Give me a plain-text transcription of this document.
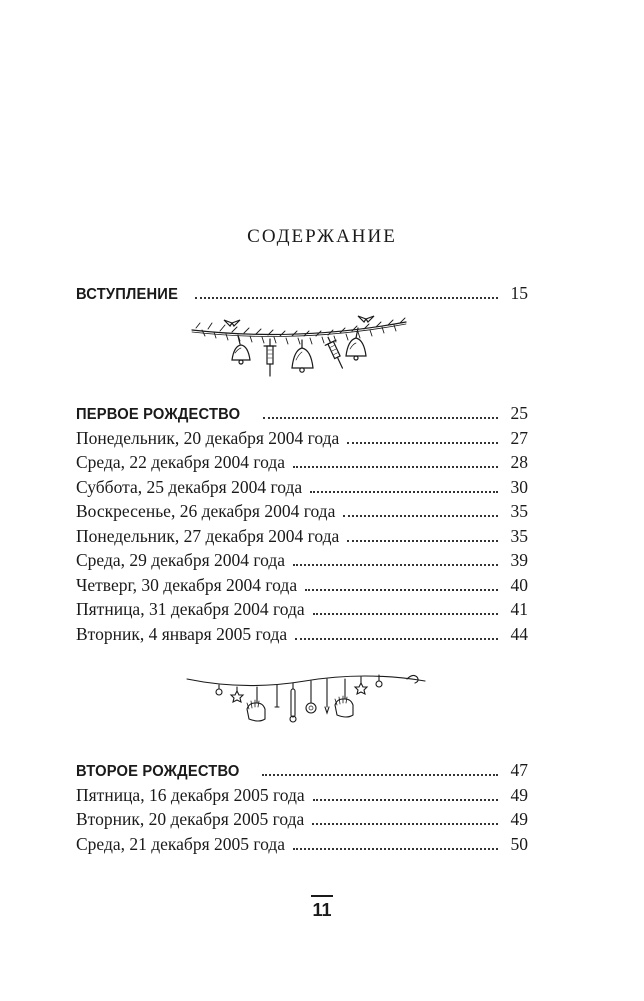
СОДЕРЖАНИЕ
ВСТУПЛЕНИЕ	15
ПЕРВОЕ РОЖДЕСТВО	25
Понедельник, 20 декабря 2004 года	27
Среда, 22 декабря 2004 года	28
Суббота, 25 декабря 2004 года	30
Воскресенье, 26 декабря 2004 года	35
Понедельник, 27 декабря 2004 года	35
Среда, 29 декабря 2004 года	39
Четверг, 30 декабря 2004 года	40
Пятница, 31 декабря 2004 года	41
Вторник, 4 января 2005 года	44
ВТОРОЕ РОЖДЕСТВО	47
Пятница, 16 декабря 2005 года	49
Вторник, 20 декабря 2005 года	49
Среда, 21 декабря 2005 года	50
11
